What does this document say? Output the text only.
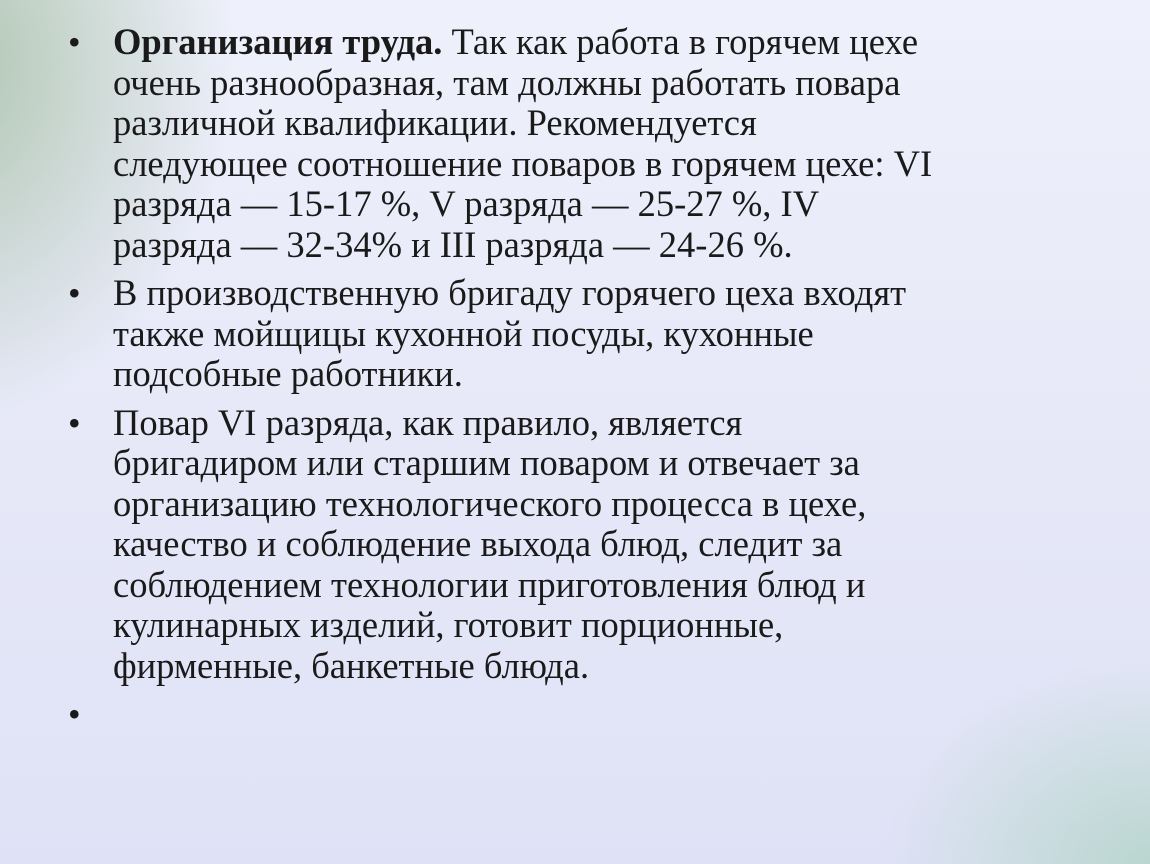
• Организация труда. Так как работа в горячем цехе
очень разнообразная, там должны работать повара
различной квалификации. Рекомендуется
следующее соотношение поваров в горячем цехе: VI
разряда — 15-17 %, V разряда — 25-27 %, IV
разряда — 32-34% и III разряда — 24-26 %.
• В производственную бригаду горячего цеха входят
также мойщицы кухонной посуды, кухонные
подсобные работники.
• Повар VI разряда, как правило, является
бригадиром или старшим поваром и отвечает за
организацию технологического процесса в цехе,
качество и соблюдение выхода блюд, следит за
соблюдением технологии приготовления блюд и
кулинарных изделий, готовит порционные,
фирменные, банкетные блюда.
•
